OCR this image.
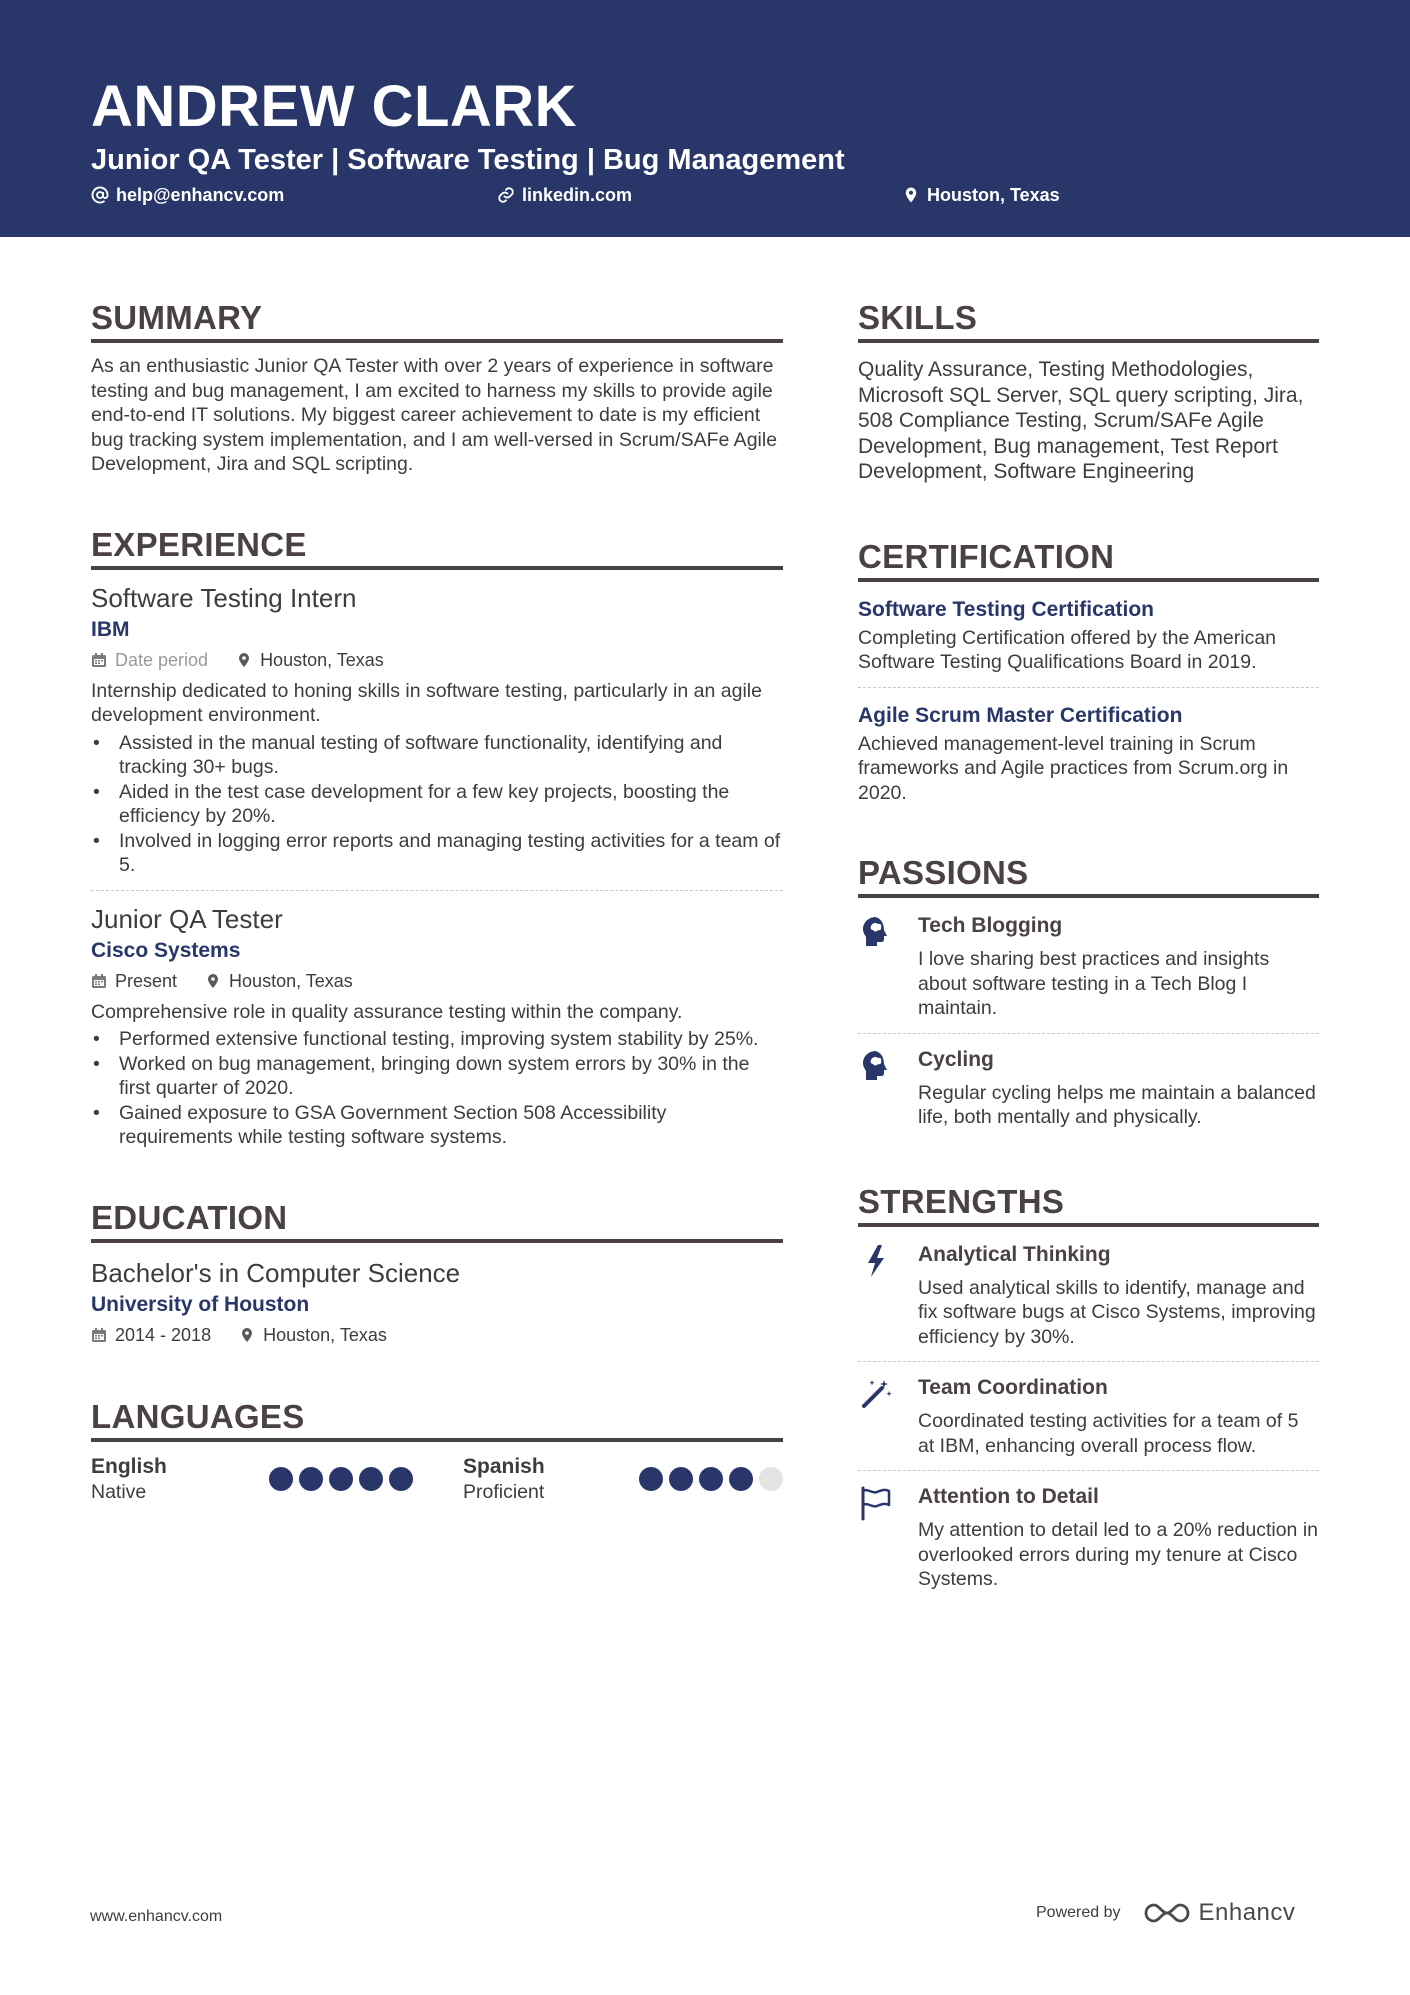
ANDREW CLARK
Junior QA Tester | Software Testing | Bug Management
help@enhancv.com	linkedin.com	Houston, Texas
SUMMARY
As an enthusiastic Junior QA Tester with over 2 years of experience in software testing and bug management, I am excited to harness my skills to provide agile end-to-end IT solutions. My biggest career achievement to date is my efficient bug tracking system implementation, and I am well-versed in Scrum/SAFe Agile Development, Jira and SQL scripting.
EXPERIENCE
Software Testing Intern
IBM
Date period	Houston, Texas
Internship dedicated to honing skills in software testing, particularly in an agile development environment.
• Assisted in the manual testing of software functionality, identifying and tracking 30+ bugs.
• Aided in the test case development for a few key projects, boosting the efficiency by 20%.
• Involved in logging error reports and managing testing activities for a team of 5.
Junior QA Tester
Cisco Systems
Present	Houston, Texas
Comprehensive role in quality assurance testing within the company.
• Performed extensive functional testing, improving system stability by 25%.
• Worked on bug management, bringing down system errors by 30% in the first quarter of 2020.
• Gained exposure to GSA Government Section 508 Accessibility requirements while testing software systems.
EDUCATION
Bachelor's in Computer Science
University of Houston
2014 - 2018	Houston, Texas
LANGUAGES
English
Native
Spanish
Proficient
SKILLS
Quality Assurance, Testing Methodologies, Microsoft SQL Server, SQL query scripting, Jira, 508 Compliance Testing, Scrum/SAFe Agile Development, Bug management, Test Report Development, Software Engineering
CERTIFICATION
Software Testing Certification
Completing Certification offered by the American Software Testing Qualifications Board in 2019.
Agile Scrum Master Certification
Achieved management-level training in Scrum frameworks and Agile practices from Scrum.org in 2020.
PASSIONS
Tech Blogging
I love sharing best practices and insights about software testing in a Tech Blog I maintain.
Cycling
Regular cycling helps me maintain a balanced life, both mentally and physically.
STRENGTHS
Analytical Thinking
Used analytical skills to identify, manage and fix software bugs at Cisco Systems, improving efficiency by 30%.
Team Coordination
Coordinated testing activities for a team of 5 at IBM, enhancing overall process flow.
Attention to Detail
My attention to detail led to a 20% reduction in overlooked errors during my tenure at Cisco Systems.
www.enhancv.com	Powered by	Enhancv
